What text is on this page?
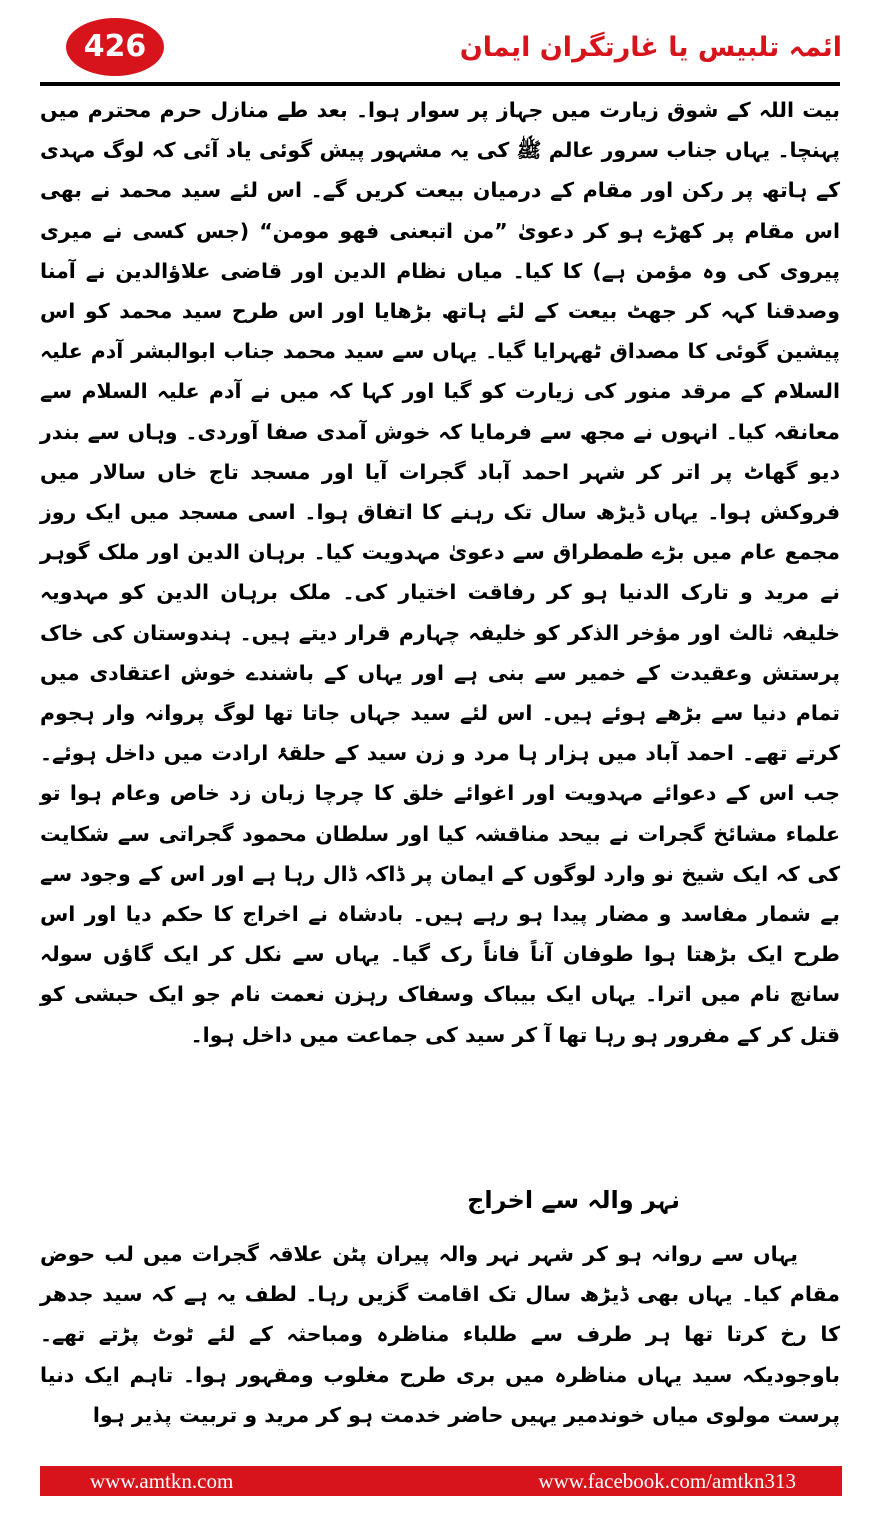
426	ائمہ تلبیس یا غارتگران ایمان

بیت اللہ کے شوق زیارت میں جہاز پر سوار ہوا۔ بعد طے منازل حرم محترم میں پہنچا۔ یہاں جناب سرور عالم ﷺ کی یہ مشہور پیش گوئی یاد آئی کہ لوگ مہدی کے ہاتھ پر رکن اور مقام کے درمیان بیعت کریں گے۔ اس لئے سید محمد نے بھی اس مقام پر کھڑے ہو کر دعویٰ ”من اتبعنی فھو مومن“ (جس کسی نے میری پیروی کی وہ مؤمن ہے) کا کیا۔ میاں نظام الدین اور قاضی علاؤالدین نے آمنا وصدقنا کہہ کر جھٹ بیعت کے لئے ہاتھ بڑھایا اور اس طرح سید محمد کو اس پیشین گوئی کا مصداق ٹھہرایا گیا۔ یہاں سے سید محمد جناب ابوالبشر آدم علیہ السلام کے مرقد منور کی زیارت کو گیا اور کہا کہ میں نے آدم علیہ السلام سے معانقہ کیا۔ انہوں نے مجھ سے فرمایا کہ خوش آمدی صفا آوردی۔ وہاں سے بندر دیو گھاٹ پر اتر کر شہر احمد آباد گجرات آیا اور مسجد تاج خاں سالار میں فروکش ہوا۔ یہاں ڈیڑھ سال تک رہنے کا اتفاق ہوا۔ اسی مسجد میں ایک روز مجمع عام میں بڑے طمطراق سے دعویٰ مہدویت کیا۔ برہان الدین اور ملک گوہر نے مرید و تارک الدنیا ہو کر رفاقت اختیار کی۔ ملک برہان الدین کو مہدویہ خلیفہ ثالث اور مؤخر الذکر کو خلیفہ چہارم قرار دیتے ہیں۔ ہندوستان کی خاک پرستش وعقیدت کے خمیر سے بنی ہے اور یہاں کے باشندے خوش اعتقادی میں تمام دنیا سے بڑھے ہوئے ہیں۔ اس لئے سید جہاں جاتا تھا لوگ پروانہ وار ہجوم کرتے تھے۔ احمد آباد میں ہزار ہا مرد و زن سید کے حلقۂ ارادت میں داخل ہوئے۔ جب اس کے دعوائے مہدویت اور اغوائے خلق کا چرچا زبان زد خاص وعام ہوا تو علماء مشائخ گجرات نے بیحد مناقشہ کیا اور سلطان محمود گجراتی سے شکایت کی کہ ایک شیخ نو وارد لوگوں کے ایمان پر ڈاکہ ڈال رہا ہے اور اس کے وجود سے بے شمار مفاسد و مضار پیدا ہو رہے ہیں۔ بادشاہ نے اخراج کا حکم دیا اور اس طرح ایک بڑھتا ہوا طوفان آناً فاناً رک گیا۔ یہاں سے نکل کر ایک گاؤں سولہ سانچ نام میں اترا۔ یہاں ایک بیباک وسفاک رہزن نعمت نام جو ایک حبشی کو قتل کر کے مفرور ہو رہا تھا آ کر سید کی جماعت میں داخل ہوا۔

نہر والہ سے اخراج

یہاں سے روانہ ہو کر شہر نہر والہ پیران پٹن علاقہ گجرات میں لب حوض مقام کیا۔ یہاں بھی ڈیڑھ سال تک اقامت گزیں رہا۔ لطف یہ ہے کہ سید جدھر کا رخ کرتا تھا ہر طرف سے طلباء مناظرہ ومباحثہ کے لئے ٹوٹ پڑتے تھے۔ باوجودیکہ سید یہاں مناظرہ میں بری طرح مغلوب ومقہور ہوا۔ تاہم ایک دنیا پرست مولوی میاں خوندمیر یہیں حاضر خدمت ہو کر مرید و تربیت پذیر ہوا

www.amtkn.com	www.facebook.com/amtkn313
